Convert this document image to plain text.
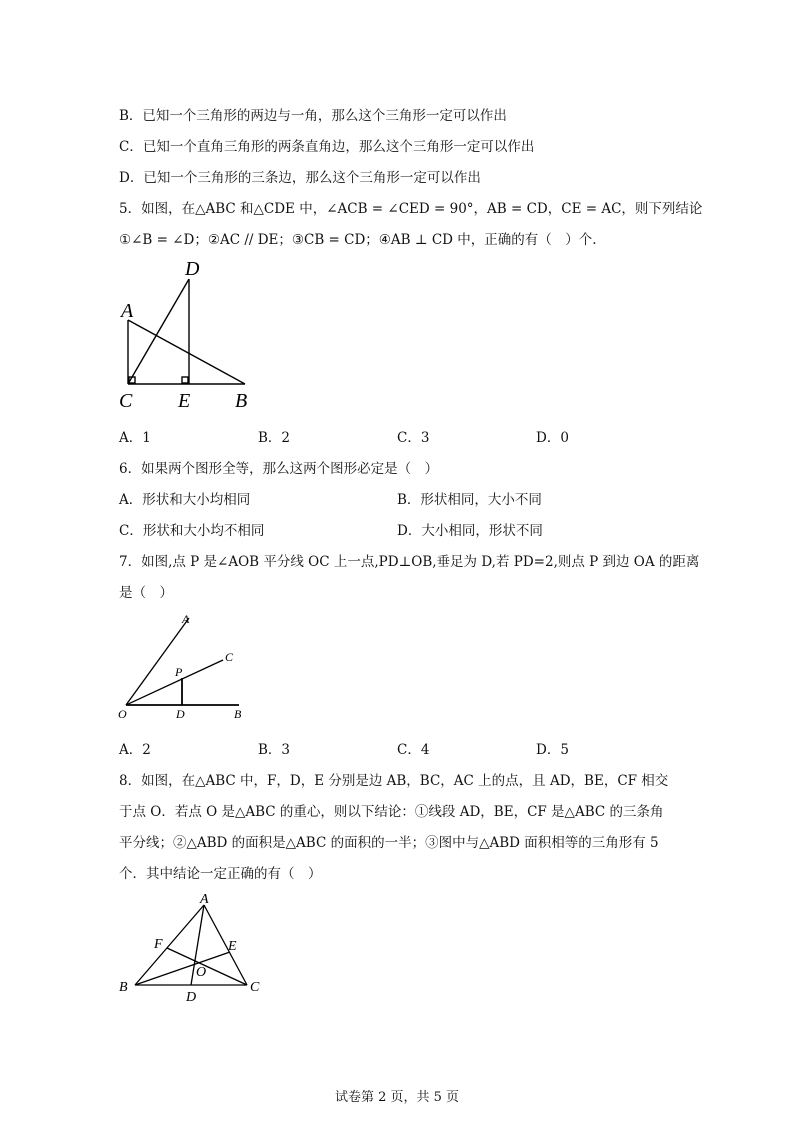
B．已知一个三角形的两边与一角，那么这个三角形一定可以作出
C．已知一个直角三角形的两条直角边，那么这个三角形一定可以作出
D．已知一个三角形的三条边，那么这个三角形一定可以作出
5．如图，在△ABC 和△CDE 中，∠ACB = ∠CED = 90°，AB = CD，CE = AC，则下列结论
①∠B = ∠D；②AC // DE；③CB = CD；④AB ⊥ CD 中，正确的有（　）个.
D
A
C E B
A．1	B．2	C．3	D．0
6．如果两个图形全等，那么这两个图形必定是（　）
A．形状和大小均相同	B．形状相同，大小不同
C．形状和大小均不相同	D．大小相同，形状不同
7．如图,点 P 是∠AOB 平分线 OC 上一点,PD⊥OB,垂足为 D,若 PD=2,则点 P 到边 OA 的距离
是（　）
A
C
P
O	D	B
A．2	B．3	C．4	D．5
8．如图，在△ABC 中，F，D，E 分别是边 AB，BC，AC 上的点，且 AD，BE，CF 相交
于点 O．若点 O 是△ABC 的重心，则以下结论：①线段 AD，BE，CF 是△ABC 的三条角
平分线；②△ABD 的面积是△ABC 的面积的一半；③图中与△ABD 面积相等的三角形有 5
个．其中结论一定正确的有（　）
A
F	E
O
B	C
D
试卷第 2 页，共 5 页
